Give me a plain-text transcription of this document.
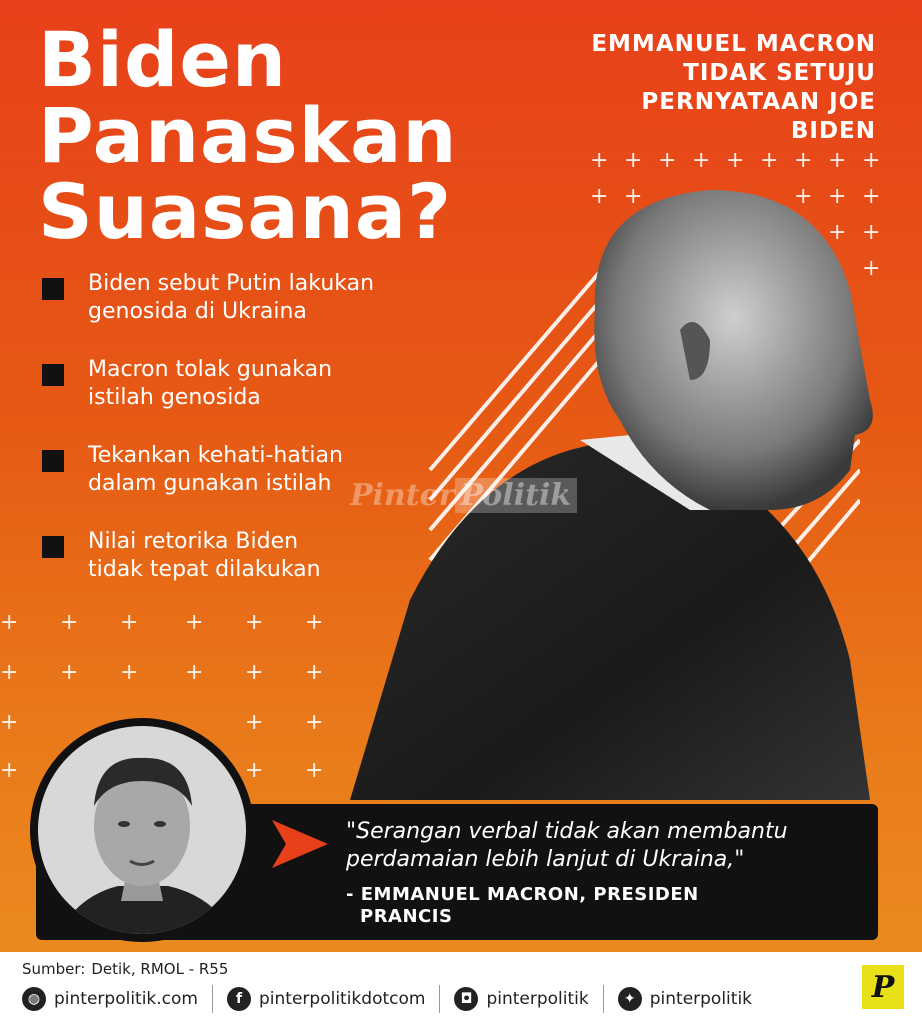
+ + + + + + + + +
+ +	+ + +
+ +
+
+ + + + + +
+ + + + + +
+	+ +
+	+ +
Biden
Panaskan
Suasana?
EMMANUEL MACRON
TIDAK SETUJU
PERNYATAAN JOE
BIDEN
Pinter Politik
Biden sebut Putin lakukan
genosida di Ukraina
Macron tolak gunakan
istilah genosida
Tekankan kehati-hatian
dalam gunakan istilah
Nilai retorika Biden
tidak tepat dilakukan
"Serangan verbal tidak akan membantu perdamaian lebih lanjut di Ukraina,"
- EMMANUEL MACRON, PRESIDEN
PRANCIS
Sumber: Detik, RMOL - R55
◍ pinterpolitik.com	f pinterpolitikdotcom	◘ pinterpolitik	✦ pinterpolitik	P
